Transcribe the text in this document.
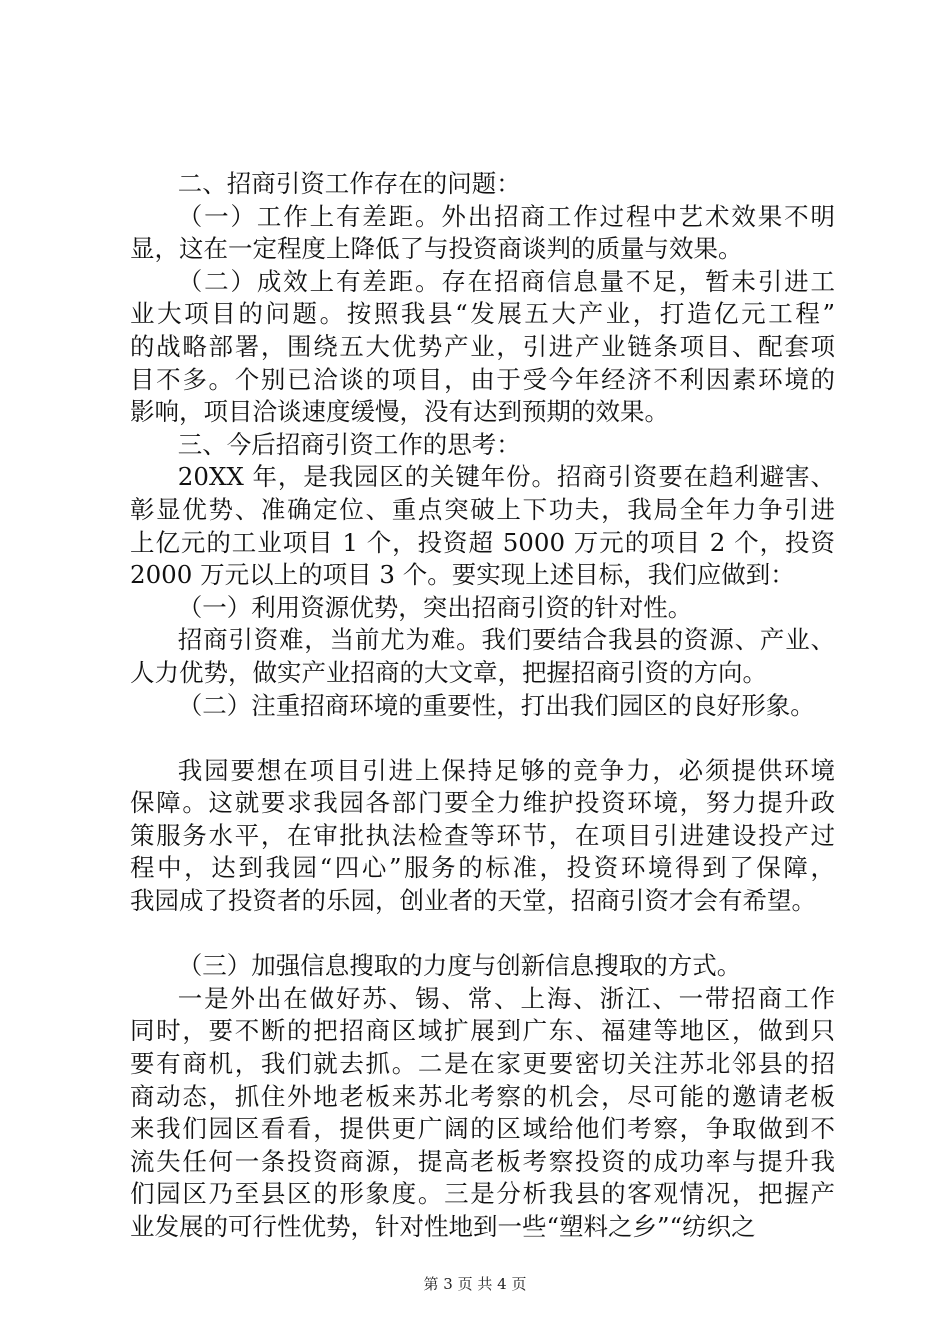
二、招商引资工作存在的问题：
（一）工作上有差距。外出招商工作过程中艺术效果不明
显，这在一定程度上降低了与投资商谈判的质量与效果。
（二）成效上有差距。存在招商信息量不足，暂未引进工
业大项目的问题。按照我县“发展五大产业，打造亿元工程”
的战略部署，围绕五大优势产业，引进产业链条项目、配套项
目不多。个别已洽谈的项目，由于受今年经济不利因素环境的
影响，项目洽谈速度缓慢，没有达到预期的效果。
三、今后招商引资工作的思考：
20XX 年，是我园区的关键年份。招商引资要在趋利避害、
彰显优势、准确定位、重点突破上下功夫，我局全年力争引进
上亿元的工业项目 1 个，投资超 5000 万元的项目 2 个，投资
2000 万元以上的项目 3 个。要实现上述目标，我们应做到：
（一）利用资源优势，突出招商引资的针对性。
招商引资难，当前尤为难。我们要结合我县的资源、产业、
人力优势，做实产业招商的大文章，把握招商引资的方向。
（二）注重招商环境的重要性，打出我们园区的良好形象。
我园要想在项目引进上保持足够的竞争力，必须提供环境
保障。这就要求我园各部门要全力维护投资环境，努力提升政
策服务水平，在审批执法检查等环节，在项目引进建设投产过
程中，达到我园“四心”服务的标准，投资环境得到了保障，
我园成了投资者的乐园，创业者的天堂，招商引资才会有希望。
（三）加强信息搜取的力度与创新信息搜取的方式。
一是外出在做好苏、锡、常、上海、浙江、一带招商工作
同时，要不断的把招商区域扩展到广东、福建等地区，做到只
要有商机，我们就去抓。二是在家更要密切关注苏北邻县的招
商动态，抓住外地老板来苏北考察的机会，尽可能的邀请老板
来我们园区看看，提供更广阔的区域给他们考察，争取做到不
流失任何一条投资商源，提高老板考察投资的成功率与提升我
们园区乃至县区的形象度。三是分析我县的客观情况，把握产
业发展的可行性优势，针对性地到一些“塑料之乡”“纺织之
第 3 页 共 4 页
